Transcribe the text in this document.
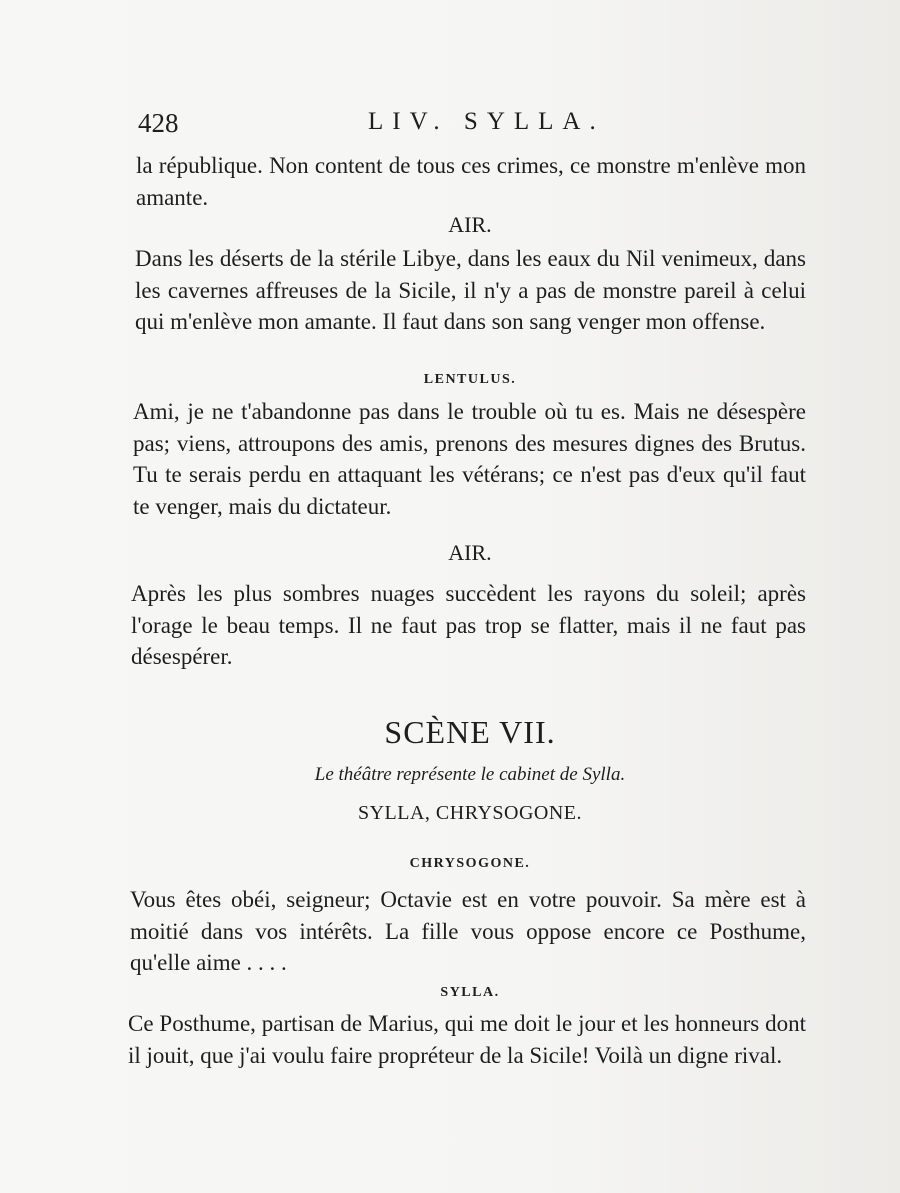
428	LIV. SYLLA.

la république. Non content de tous ces crimes, ce monstre m'enlève mon amante.

AIR.

Dans les déserts de la stérile Libye, dans les eaux du Nil venimeux, dans les cavernes affreuses de la Sicile, il n'y a pas de monstre pareil à celui qui m'enlève mon amante. Il faut dans son sang venger mon offense.

LENTULUS.

Ami, je ne t'abandonne pas dans le trouble où tu es. Mais ne désespère pas; viens, attroupons des amis, prenons des mesures dignes des Brutus. Tu te serais perdu en attaquant les vétérans; ce n'est pas d'eux qu'il faut te venger, mais du dictateur.

AIR.

Après les plus sombres nuages succèdent les rayons du soleil; après l'orage le beau temps. Il ne faut pas trop se flatter, mais il ne faut pas désespérer.

SCÈNE VII.

Le théâtre représente le cabinet de Sylla.

SYLLA, CHRYSOGONE.

CHRYSOGONE.

Vous êtes obéi, seigneur; Octavie est en votre pouvoir. Sa mère est à moitié dans vos intérêts. La fille vous oppose encore ce Posthume, qu'elle aime . . . .

SYLLA.

Ce Posthume, partisan de Marius, qui me doit le jour et les honneurs dont il jouit, que j'ai voulu faire propréteur de la Sicile! Voilà un digne rival.
